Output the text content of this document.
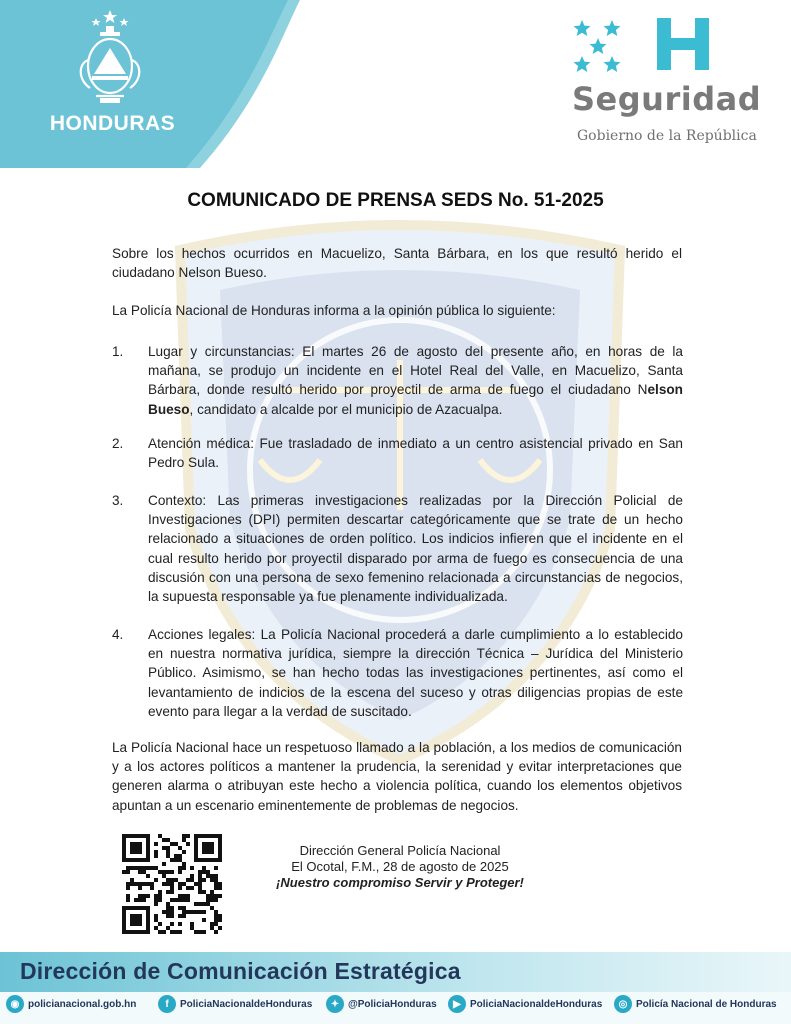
HONDURAS
Seguridad
Gobierno de la República
COMUNICADO DE PRENSA SEDS No. 51-2025
Sobre los hechos ocurridos en Macuelizo, Santa Bárbara, en los que resultó herido el ciudadano Nelson Bueso.
La Policía Nacional de Honduras informa a la opinión pública lo siguiente:
1. Lugar y circunstancias: El martes 26 de agosto del presente año, en horas de la mañana, se produjo un incidente en el Hotel Real del Valle, en Macuelizo, Santa Bárbara, donde resultó herido por proyectil de arma de fuego el ciudadano Nelson Bueso, candidato a alcalde por el municipio de Azacualpa.
2. Atención médica: Fue trasladado de inmediato a un centro asistencial privado en San Pedro Sula.
3. Contexto: Las primeras investigaciones realizadas por la Dirección Policial de Investigaciones (DPI) permiten descartar categóricamente que se trate de un hecho relacionado a situaciones de orden político. Los indicios infieren que el incidente en el cual resulto herido por proyectil disparado por arma de fuego es consecuencia de una discusión con una persona de sexo femenino relacionada a circunstancias de negocios, la supuesta responsable ya fue plenamente individualizada.
4. Acciones legales: La Policía Nacional procederá a darle cumplimiento a lo establecido en nuestra normativa jurídica, siempre la dirección Técnica – Jurídica del Ministerio Público. Asimismo, se han hecho todas las investigaciones pertinentes, así como el levantamiento de indicios de la escena del suceso y otras diligencias propias de este evento para llegar a la verdad de suscitado.
La Policía Nacional hace un respetuoso llamado a la población, a los medios de comunicación y a los actores políticos a mantener la prudencia, la serenidad y evitar interpretaciones que generen alarma o atribuyan este hecho a violencia política, cuando los elementos objetivos apuntan a un escenario eminentemente de problemas de negocios.
Dirección General Policía Nacional
El Ocotal, F.M., 28 de agosto de 2025
¡Nuestro compromiso Servir y Proteger!
Dirección de Comunicación Estratégica
◉ policianacional.gob.hn	f	PoliciaNacionaldeHonduras	✦ @PoliciaHonduras	▶ PoliciaNacionaldeHonduras	◎ Policía Nacional de Honduras
